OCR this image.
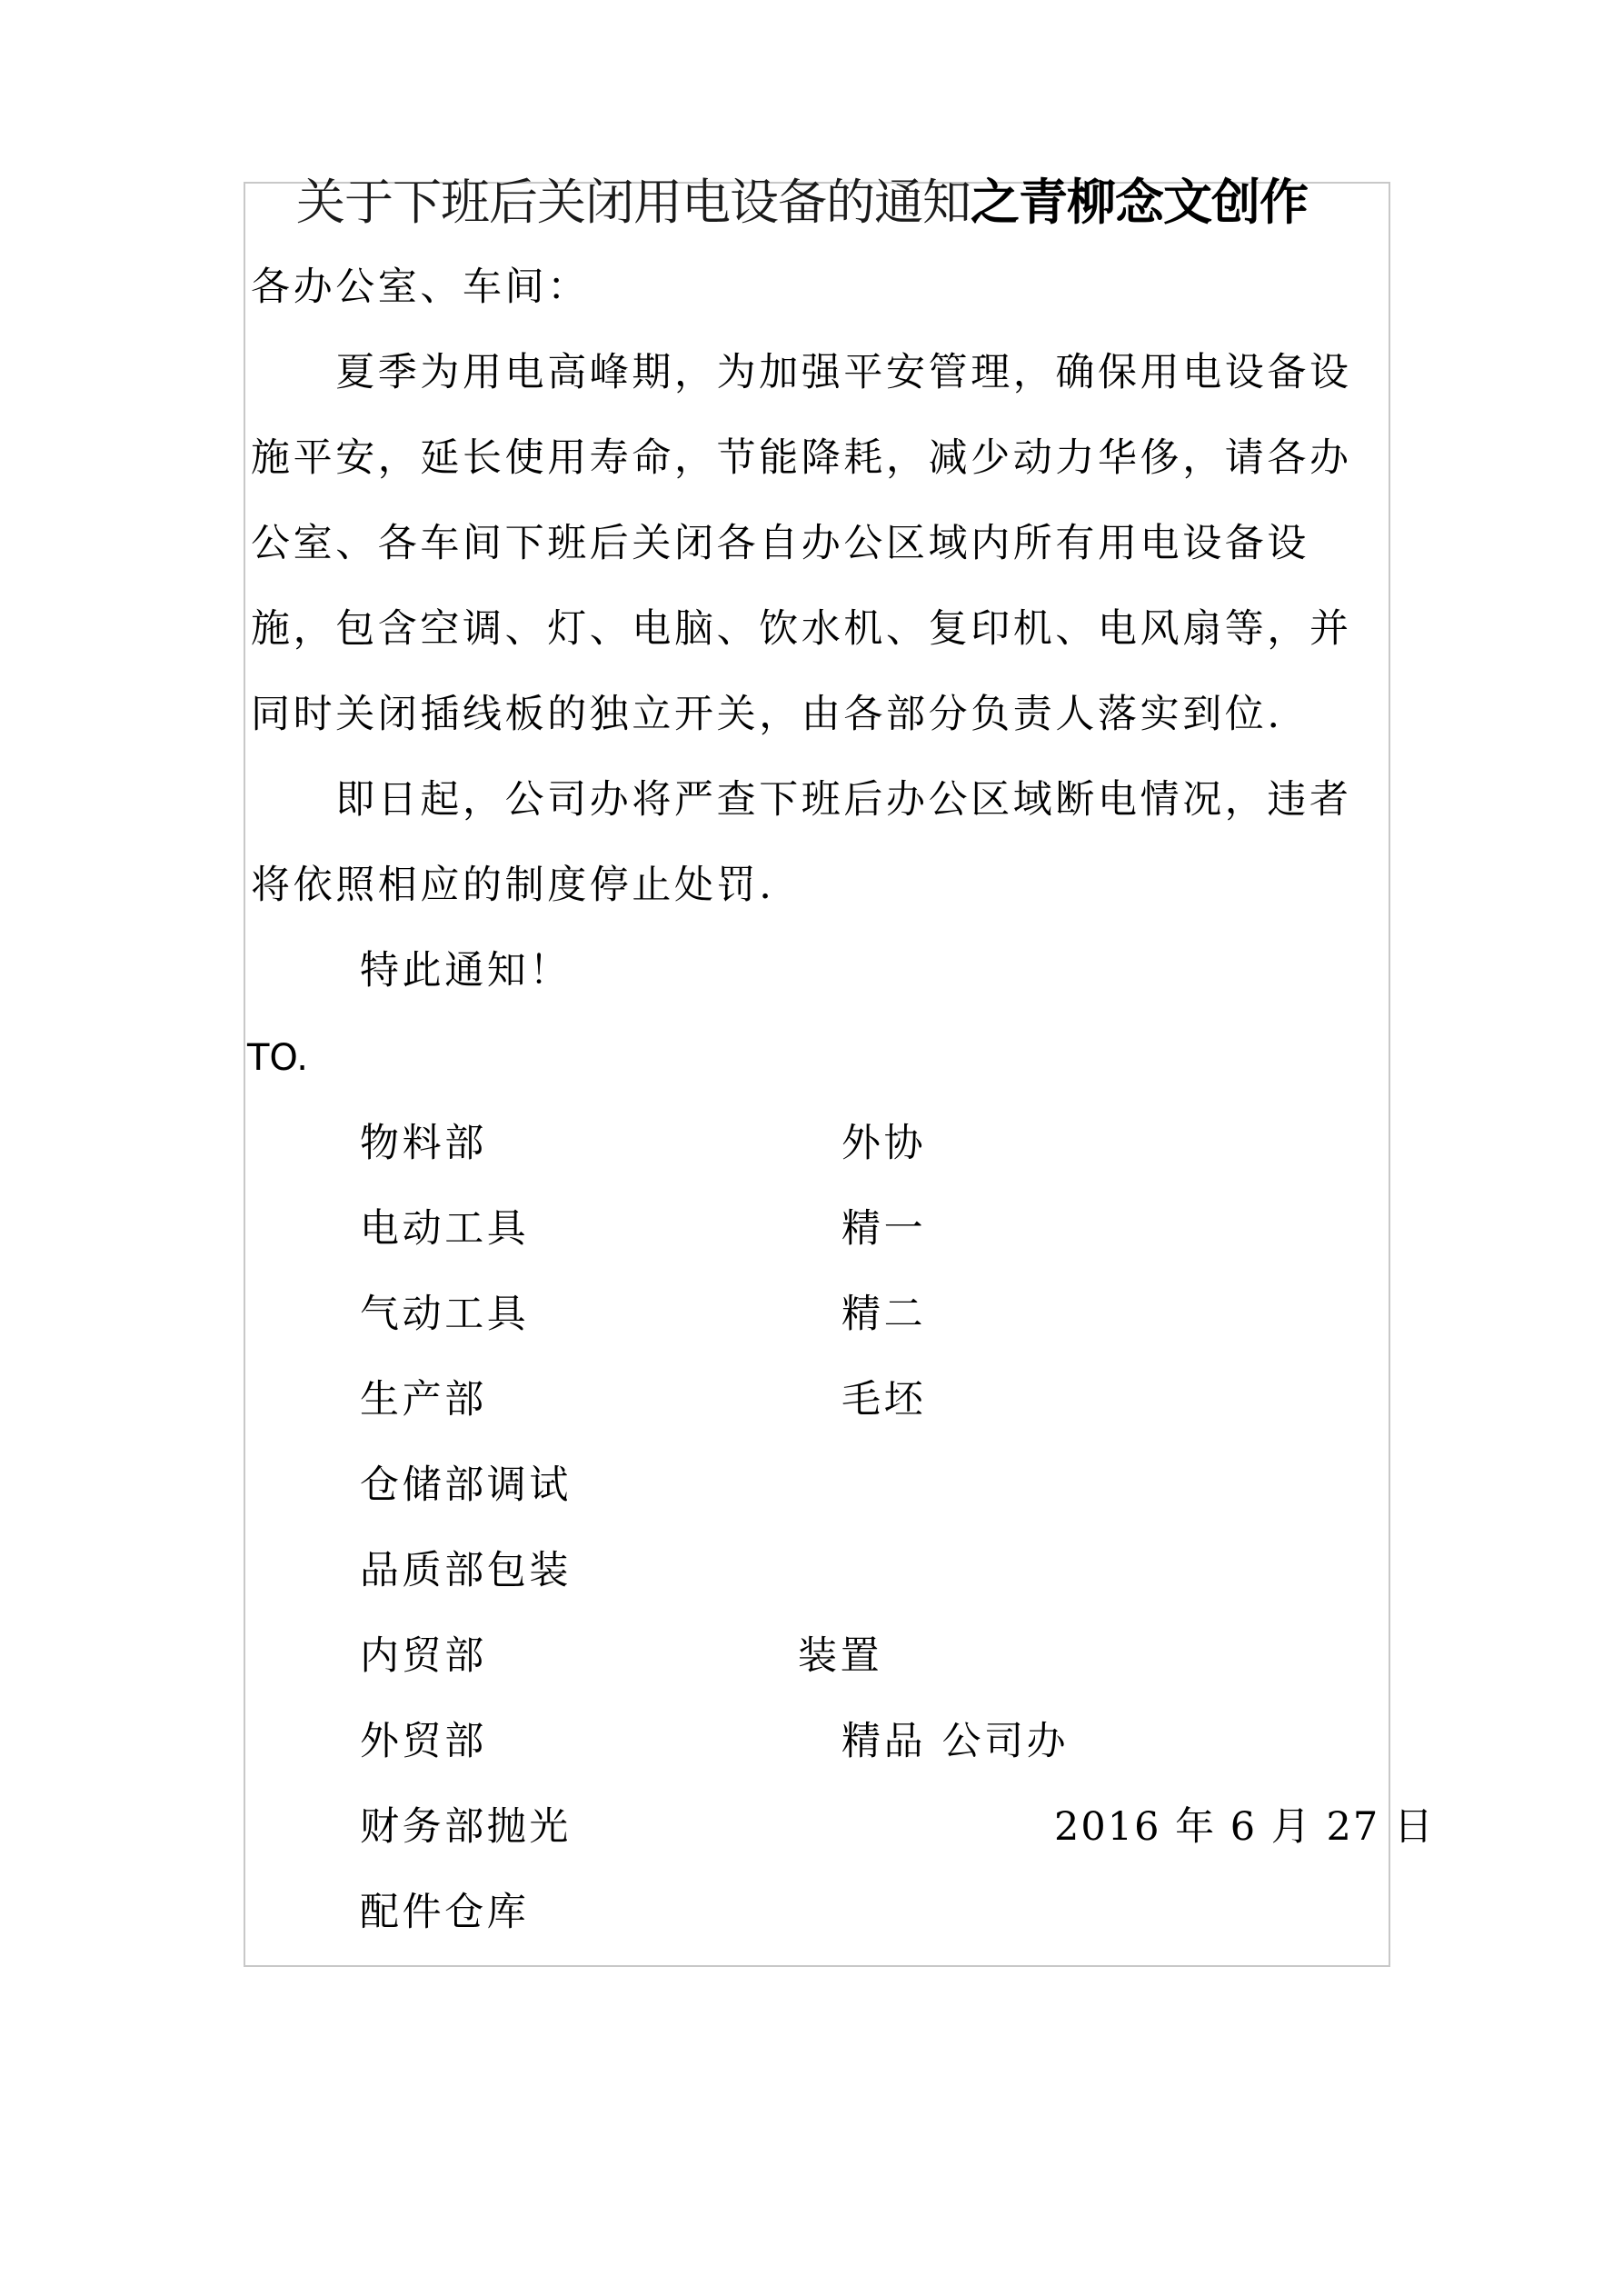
关于下班后关闭用电设备的通知之青柳念文创作
各办公室、车间：
　　夏季为用电高峰期，为加强平安管理，确保用电设备设
施平安，延长使用寿命，节能降耗，减少动力华侈，请各办
公室、各车间下班后关闭各自办公区域内所有用电设备设
施，包含空调、灯、电脑、饮水机、复印机、电风扇等，并
同时关闭插线板的独立开关，由各部分负责人落实到位.
　　即日起，公司办将严查下班后办公区域断电情况，违者
将依照相应的制度停止处罚.
特此通知！
TO.
物料部
电动工具
气动工具
生产部
仓储部调试
品质部包装
内贸部
外贸部
财务部抛光
配件仓库
外协
精一
精二
毛坯
装置
精品 公司办
2016 年 6 月 27 日
